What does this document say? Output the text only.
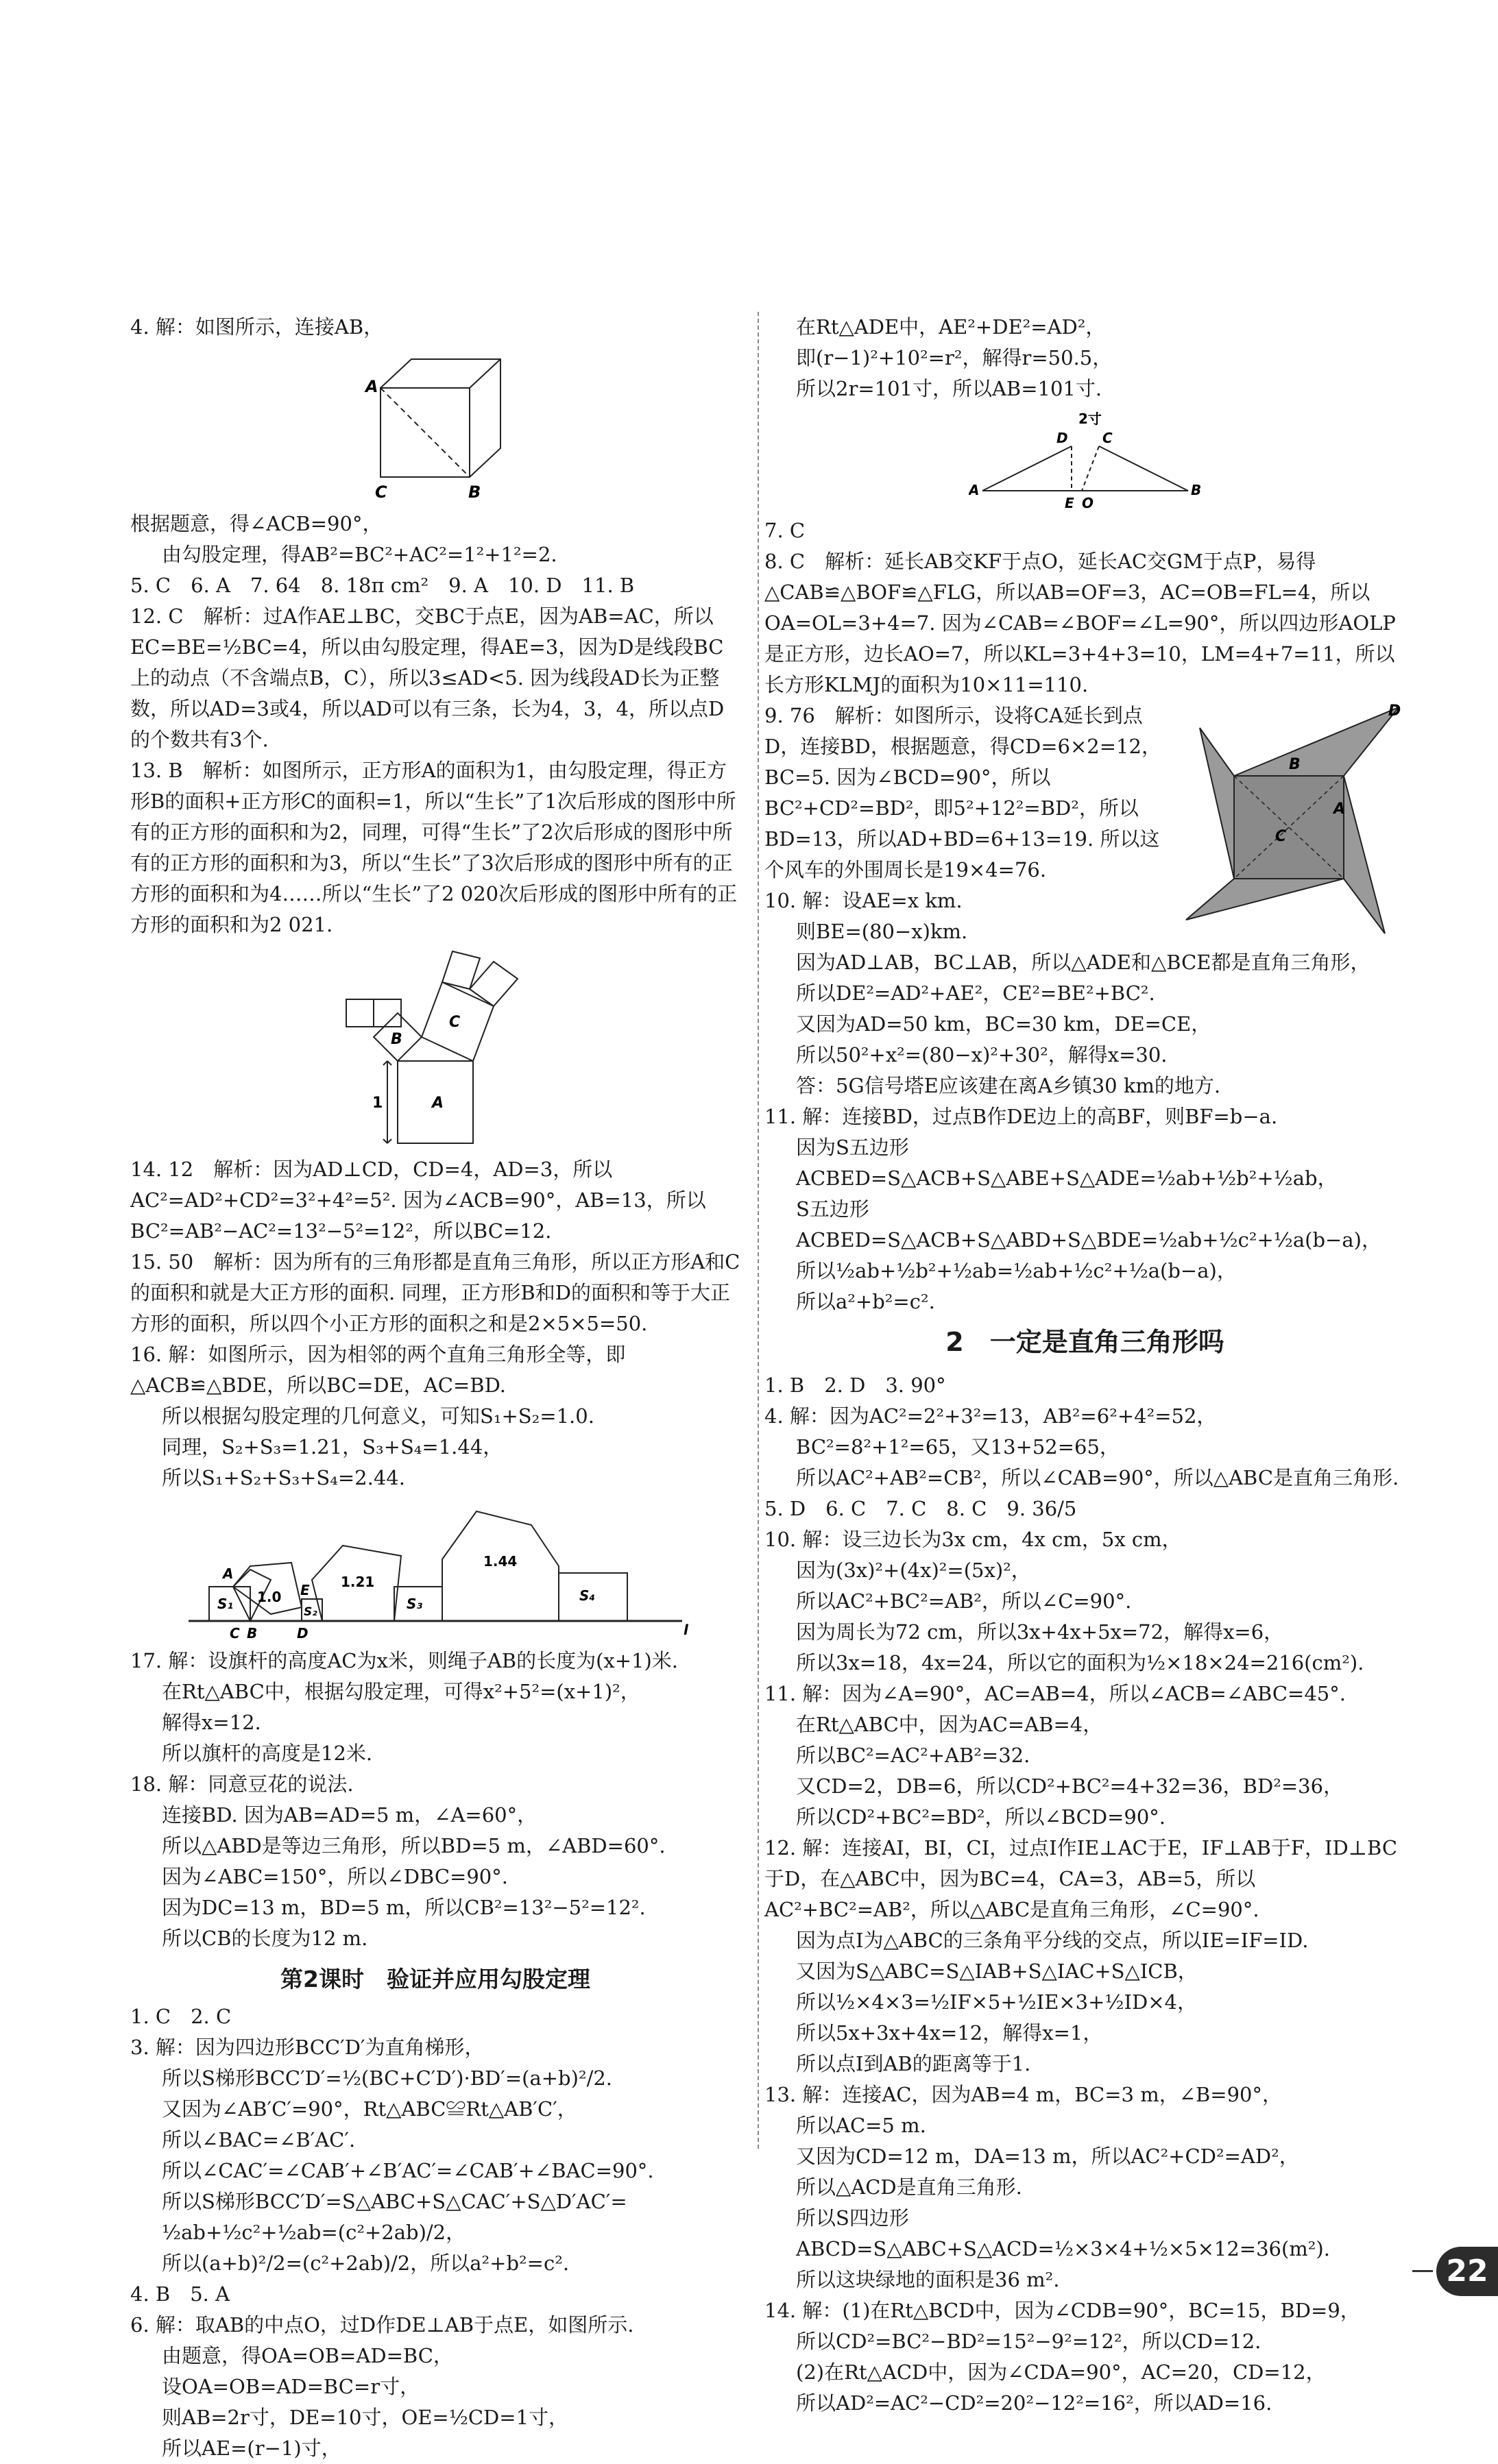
4. 解：如图所示，连接AB，

A
C	B

根据题意，得∠ACB=90°，

由勾股定理，得AB²=BC²+AC²=1²+1²=2.

5. C　6. A　7. 64　8. 18π cm²　9. A　10. D　11. B

12. C　解析：过A作AE⊥BC，交BC于点E，因为AB=AC，所以EC=BE=½BC=4，所以由勾股定理，得AE=3，因为D是线段BC上的动点（不含端点B，C），所以3≤AD<5. 因为线段AD长为正整数，所以AD=3或4，所以AD可以有三条，长为4，3，4，所以点D的个数共有3个.

13. B　解析：如图所示，正方形A的面积为1，由勾股定理，得正方形B的面积+正方形C的面积=1，所以“生长”了1次后形成的图形中所有的正方形的面积和为2，同理，可得“生长”了2次后形成的图形中所有的正方形的面积和为3，所以“生长”了3次后形成的图形中所有的正方形的面积和为4……所以“生长”了2 020次后形成的图形中所有的正方形的面积和为2 021.

B
C
A
1

14. 12　解析：因为AD⊥CD，CD=4，AD=3，所以AC²=AD²+CD²=3²+4²=5². 因为∠ACB=90°，AB=13，所以BC²=AB²−AC²=13²−5²=12²，所以BC=12.

15. 50　解析：因为所有的三角形都是直角三角形，所以正方形A和C的面积和就是大正方形的面积. 同理，正方形B和D的面积和等于大正方形的面积，所以四个小正方形的面积之和是2×5×5=50.

16. 解：如图所示，因为相邻的两个直角三角形全等，即△ACB≌△BDE，所以BC=DE，AC=BD.

所以根据勾股定理的几何意义，可知S₁+S₂=1.0.

同理，S₂+S₃=1.21，S₃+S₄=1.44，

所以S₁+S₂+S₃+S₄=2.44.

A
1.0 E 1.21
1.44
S₁	S₂	S₃	S₄
C B	D	l

17. 解：设旗杆的高度AC为x米，则绳子AB的长度为(x+1)米.

在Rt△ABC中，根据勾股定理，可得x²+5²=(x+1)²，

解得x=12.

所以旗杆的高度是12米.

18. 解：同意豆花的说法.

连接BD. 因为AB=AD=5 m，∠A=60°，

所以△ABD是等边三角形，所以BD=5 m，∠ABD=60°.

因为∠ABC=150°，所以∠DBC=90°.

因为DC=13 m，BD=5 m，所以CB²=13²−5²=12².

所以CB的长度为12 m.

第2课时　验证并应用勾股定理

1. C　2. C

3. 解：因为四边形BCC′D′为直角梯形，

所以S梯形BCC′D′=½(BC+C′D′)·BD′=(a+b)²/2.

又因为∠AB′C′=90°，Rt△ABC≌Rt△AB′C′，

所以∠BAC=∠B′AC′.

所以∠CAC′=∠CAB′+∠B′AC′=∠CAB′+∠BAC=90°.

所以S梯形BCC′D′=S△ABC+S△CAC′+S△D′AC′=

½ab+½c²+½ab=(c²+2ab)/2，

所以(a+b)²/2=(c²+2ab)/2，所以a²+b²=c².

4. B　5. A

6. 解：取AB的中点O，过D作DE⊥AB于点E，如图所示.

由题意，得OA=OB=AD=BC，

设OA=OB=AD=BC=r寸，

则AB=2r寸，DE=10寸，OE=½CD=1寸，

所以AE=(r−1)寸，

在Rt△ADE中，AE²+DE²=AD²，

即(r−1)²+10²=r²，解得r=50.5，

所以2r=101寸，所以AB=101寸.

2寸
D	C
A	B
E O

7. C

8. C　解析：延长AB交KF于点O，延长AC交GM于点P，易得△CAB≌△BOF≌△FLG，所以AB=OF=3，AC=OB=FL=4，所以OA=OL=3+4=7. 因为∠CAB=∠BOF=∠L=90°，所以四边形AOLP是正方形，边长AO=7，所以KL=3+4+3=10，LM=4+7=11，所以长方形KLMJ的面积为10×11=110.

D
A
C
B

9. 76　解析：如图所示，设将CA延长到点D，连接BD，根据题意，得CD=6×2=12，BC=5. 因为∠BCD=90°，所以BC²+CD²=BD²，即5²+12²=BD²，所以BD=13，所以AD+BD=6+13=19. 所以这个风车的外围周长是19×4=76.

10. 解：设AE=x km.

则BE=(80−x)km.

因为AD⊥AB，BC⊥AB，所以△ADE和△BCE都是直角三角形，

所以DE²=AD²+AE²，CE²=BE²+BC².

又因为AD=50 km，BC=30 km，DE=CE，

所以50²+x²=(80−x)²+30²，解得x=30.

答：5G信号塔E应该建在离A乡镇30 km的地方.

11. 解：连接BD，过点B作DE边上的高BF，则BF=b−a.

因为S五边形ACBED=S△ACB+S△ABE+S△ADE=½ab+½b²+½ab，

S五边形ACBED=S△ACB+S△ABD+S△BDE=½ab+½c²+½a(b−a)，

所以½ab+½b²+½ab=½ab+½c²+½a(b−a)，

所以a²+b²=c².

2　一定是直角三角形吗

1. B　2. D　3. 90°

4. 解：因为AC²=2²+3²=13，AB²=6²+4²=52，

BC²=8²+1²=65，又13+52=65，

所以AC²+AB²=CB²，所以∠CAB=90°，所以△ABC是直角三角形.

5. D　6. C　7. C　8. C　9. 36/5

10. 解：设三边长为3x cm，4x cm，5x cm，

因为(3x)²+(4x)²=(5x)²，

所以AC²+BC²=AB²，所以∠C=90°.

因为周长为72 cm，所以3x+4x+5x=72，解得x=6，

所以3x=18，4x=24，所以它的面积为½×18×24=216(cm²).

11. 解：因为∠A=90°，AC=AB=4，所以∠ACB=∠ABC=45°.

在Rt△ABC中，因为AC=AB=4，

所以BC²=AC²+AB²=32.

又CD=2，DB=6，所以CD²+BC²=4+32=36，BD²=36，

所以CD²+BC²=BD²，所以∠BCD=90°.

12. 解：连接AI，BI，CI，过点I作IE⊥AC于E，IF⊥AB于F，ID⊥BC于D，在△ABC中，因为BC=4，CA=3，AB=5，所以AC²+BC²=AB²，所以△ABC是直角三角形，∠C=90°.

因为点I为△ABC的三条角平分线的交点，所以IE=IF=ID.

又因为S△ABC=S△IAB+S△IAC+S△ICB，

所以½×4×3=½IF×5+½IE×3+½ID×4，

所以5x+3x+4x=12，解得x=1，

所以点I到AB的距离等于1.

13. 解：连接AC，因为AB=4 m，BC=3 m，∠B=90°，

所以AC=5 m.

又因为CD=12 m，DA=13 m，所以AC²+CD²=AD²，

所以△ACD是直角三角形.

所以S四边形ABCD=S△ABC+S△ACD=½×3×4+½×5×12=36(m²).

所以这块绿地的面积是36 m².

14. 解：(1)在Rt△BCD中，因为∠CDB=90°，BC=15，BD=9，

所以CD²=BC²−BD²=15²−9²=12²，所以CD=12.

(2)在Rt△ACD中，因为∠CDA=90°，AC=20，CD=12，

所以AD²=AC²−CD²=20²−12²=16²，所以AD=16.

22
